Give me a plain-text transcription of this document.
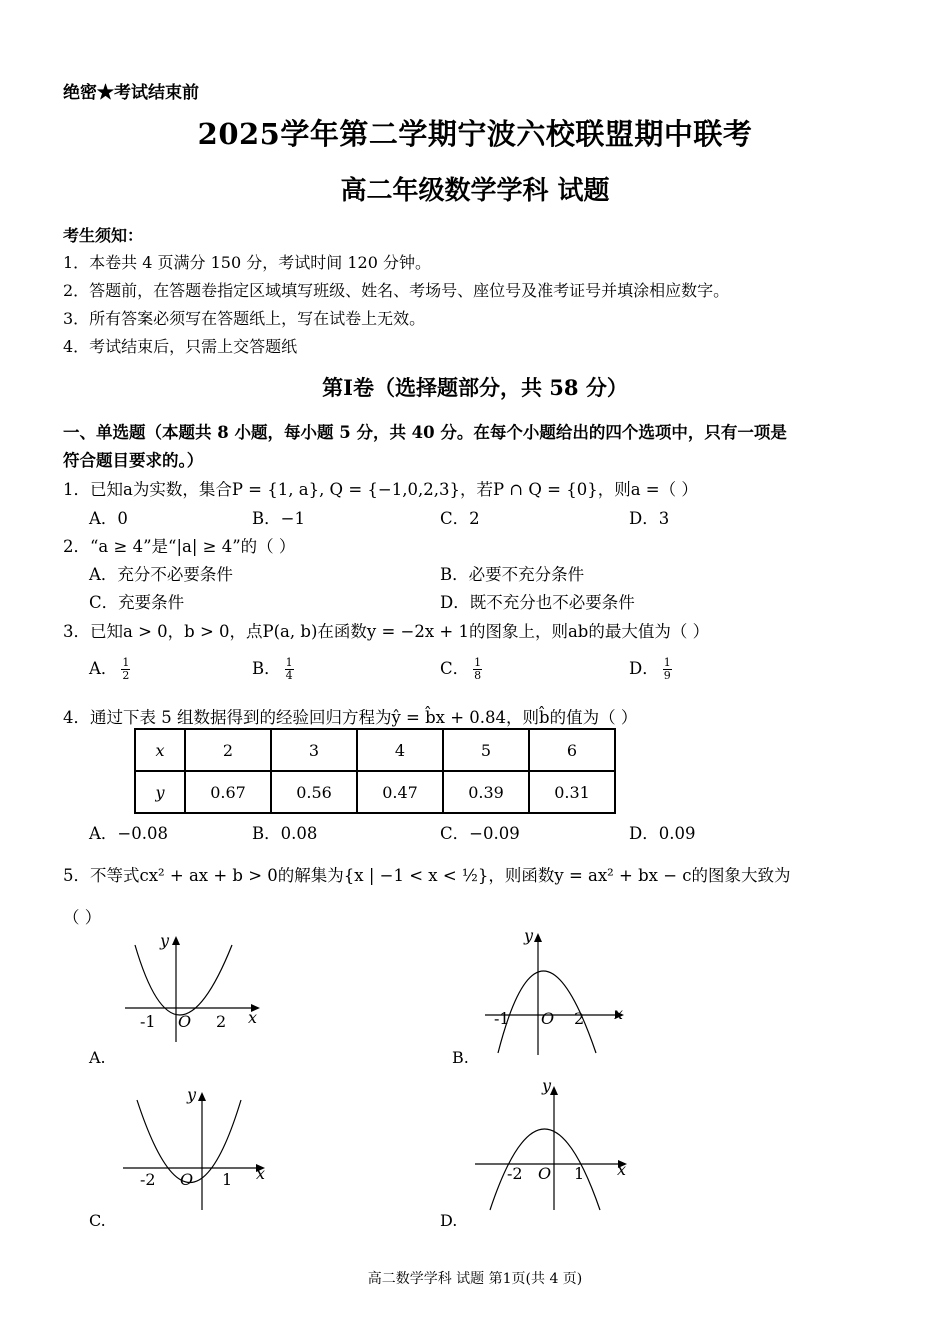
绝密★考试结束前
2025学年第二学期宁波六校联盟期中联考
高二年级数学学科 试题
考生须知：
1．本卷共 4 页满分 150 分，考试时间 120 分钟。
2．答题前，在答题卷指定区域填写班级、姓名、考场号、座位号及准考证号并填涂相应数字。
3．所有答案必须写在答题纸上，写在试卷上无效。
4．考试结束后，只需上交答题纸
第Ⅰ卷（选择题部分，共 58 分）
一、单选题（本题共 8 小题，每小题 5 分，共 40 分。在每个小题给出的四个选项中，只有一项是
符合题目要求的。）
1．已知a为实数，集合P = {1, a}, Q = {−1,0,2,3}，若P ∩ Q = {0}，则a =（ ）
A．0	B．−1	C．2	D．3
2．“a ≥ 4”是“|a| ≥ 4”的（ ）
A．充分不必要条件	B．必要不充分条件
C．充要条件	D．既不充分也不必要条件
3．已知a > 0，b > 0，点P(a, b)在函数y = −2x + 1的图象上，则ab的最大值为（ ）
A． $\frac{1}{2}$	B． $\frac{1}{4}$	C． $\frac{1}{8}$	D． $\frac{1}{9}$
4．通过下表 5 组数据得到的经验回归方程为ŷ = b̂x + 0.84，则b̂的值为（ ）
x	2	3	4	5	6
y	0.67	0.56	0.47	0.39	0.31
A．−0.08	B．0.08	C．−0.09	D．0.09
5．不等式cx² + ax + b > 0的解集为{x | −1 < x < ½}，则函数y = ax² + bx − c的图象大致为
（ ）
y
x
-1 O 2
A.
y
x
-1 O 2
B.
y
x
-2 O 1
C.
y
x
-2 O 1
D.
高二数学学科 试题 第1页(共 4 页)
